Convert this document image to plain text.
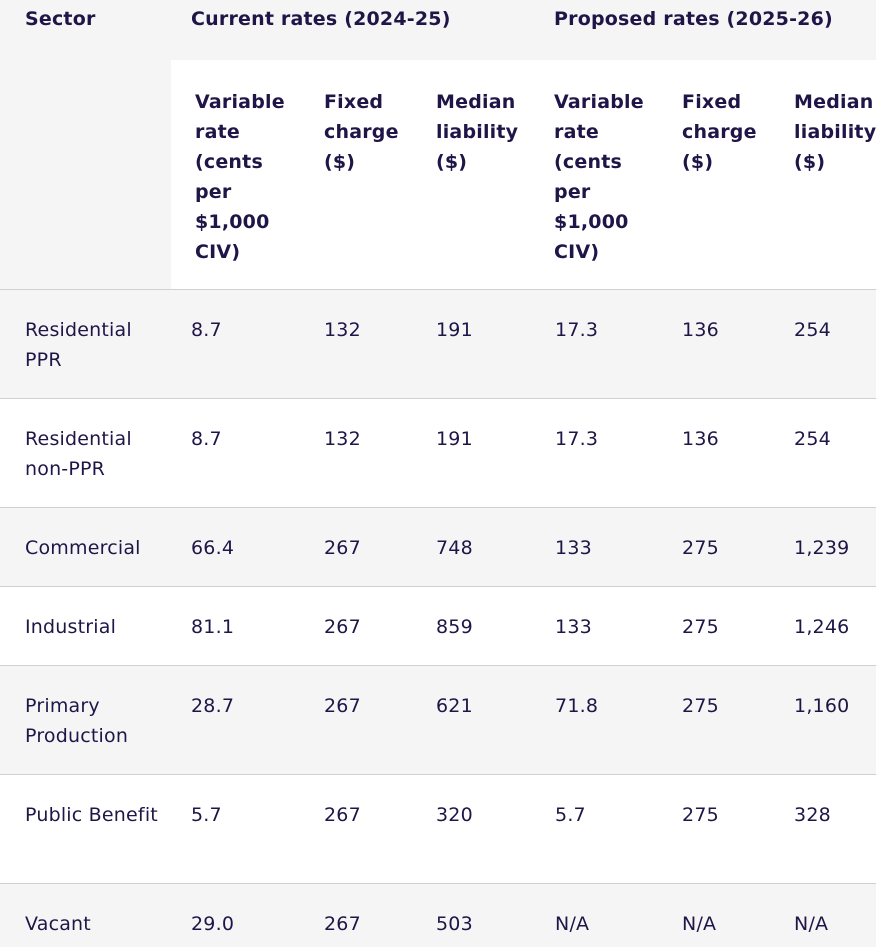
Sector	Current rates (2024-25)			Proposed rates (2025-26)		
	Variable rate (cents per $1,000 CIV)	Fixed charge ($)	Median liability ($)	Variable rate (cents per $1,000 CIV)	Fixed charge ($)	Median liability ($)
Residential PPR	8.7	132	191	17.3	136	254
Residential non-PPR	8.7	132	191	17.3	136	254
Commercial	66.4	267	748	133	275	1,239
Industrial	81.1	267	859	133	275	1,246
Primary Production	28.7	267	621	71.8	275	1,160
Public Benefit	5.7	267	320	5.7	275	328
Vacant	29.0	267	503	N/A	N/A	N/A
